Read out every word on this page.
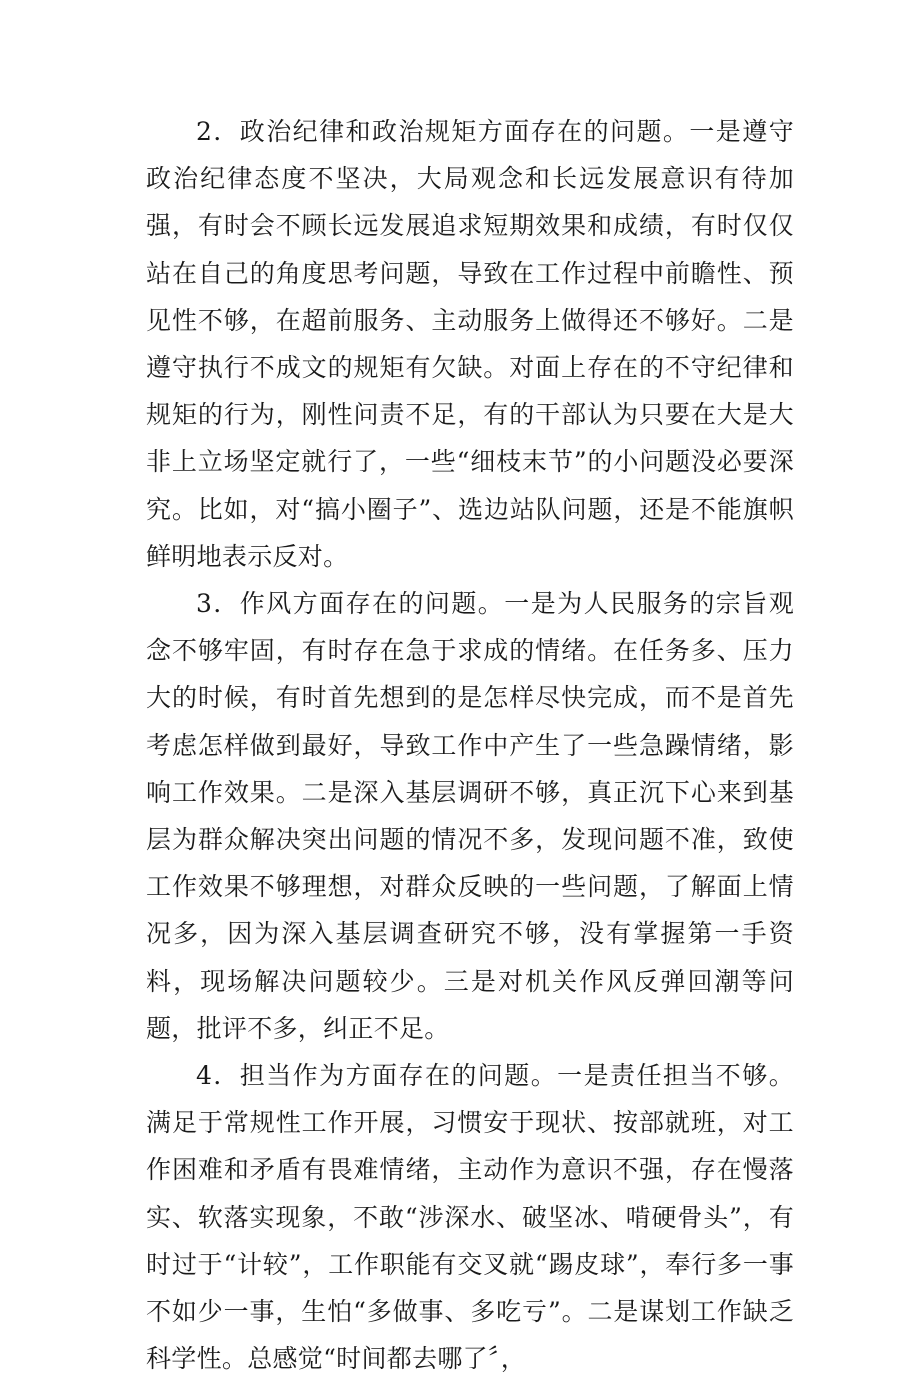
2．政治纪律和政治规矩方面存在的问题。一是遵守政治纪律态度不坚决，大局观念和长远发展意识有待加强，有时会不顾长远发展追求短期效果和成绩，有时仅仅站在自己的角度思考问题，导致在工作过程中前瞻性、预见性不够，在超前服务、主动服务上做得还不够好。二是遵守执行不成文的规矩有欠缺。对面上存在的不守纪律和规矩的行为，刚性问责不足，有的干部认为只要在大是大非上立场坚定就行了，一些“细枝末节”的小问题没必要深究。比如，对“搞小圈子”、选边站队问题，还是不能旗帜鲜明地表示反对。

3．作风方面存在的问题。一是为人民服务的宗旨观念不够牢固，有时存在急于求成的情绪。在任务多、压力大的时候，有时首先想到的是怎样尽快完成，而不是首先考虑怎样做到最好，导致工作中产生了一些急躁情绪，影响工作效果。二是深入基层调研不够，真正沉下心来到基层为群众解决突出问题的情况不多，发现问题不准，致使工作效果不够理想，对群众反映的一些问题，了解面上情况多，因为深入基层调查研究不够，没有掌握第一手资料，现场解决问题较少。三是对机关作风反弹回潮等问题，批评不多，纠正不足。

4．担当作为方面存在的问题。一是责任担当不够。满足于常规性工作开展，习惯安于现状、按部就班，对工作困难和矛盾有畏难情绪，主动作为意识不强，存在慢落实、软落实现象，不敢“涉深水、破坚冰、啃硬骨头”，有时过于“计较”，工作职能有交叉就“踢皮球”，奉行多一事不如少一事，生怕“多做事、多吃亏”。二是谋划工作缺乏科学性。总感觉“时间都去哪了〞，
